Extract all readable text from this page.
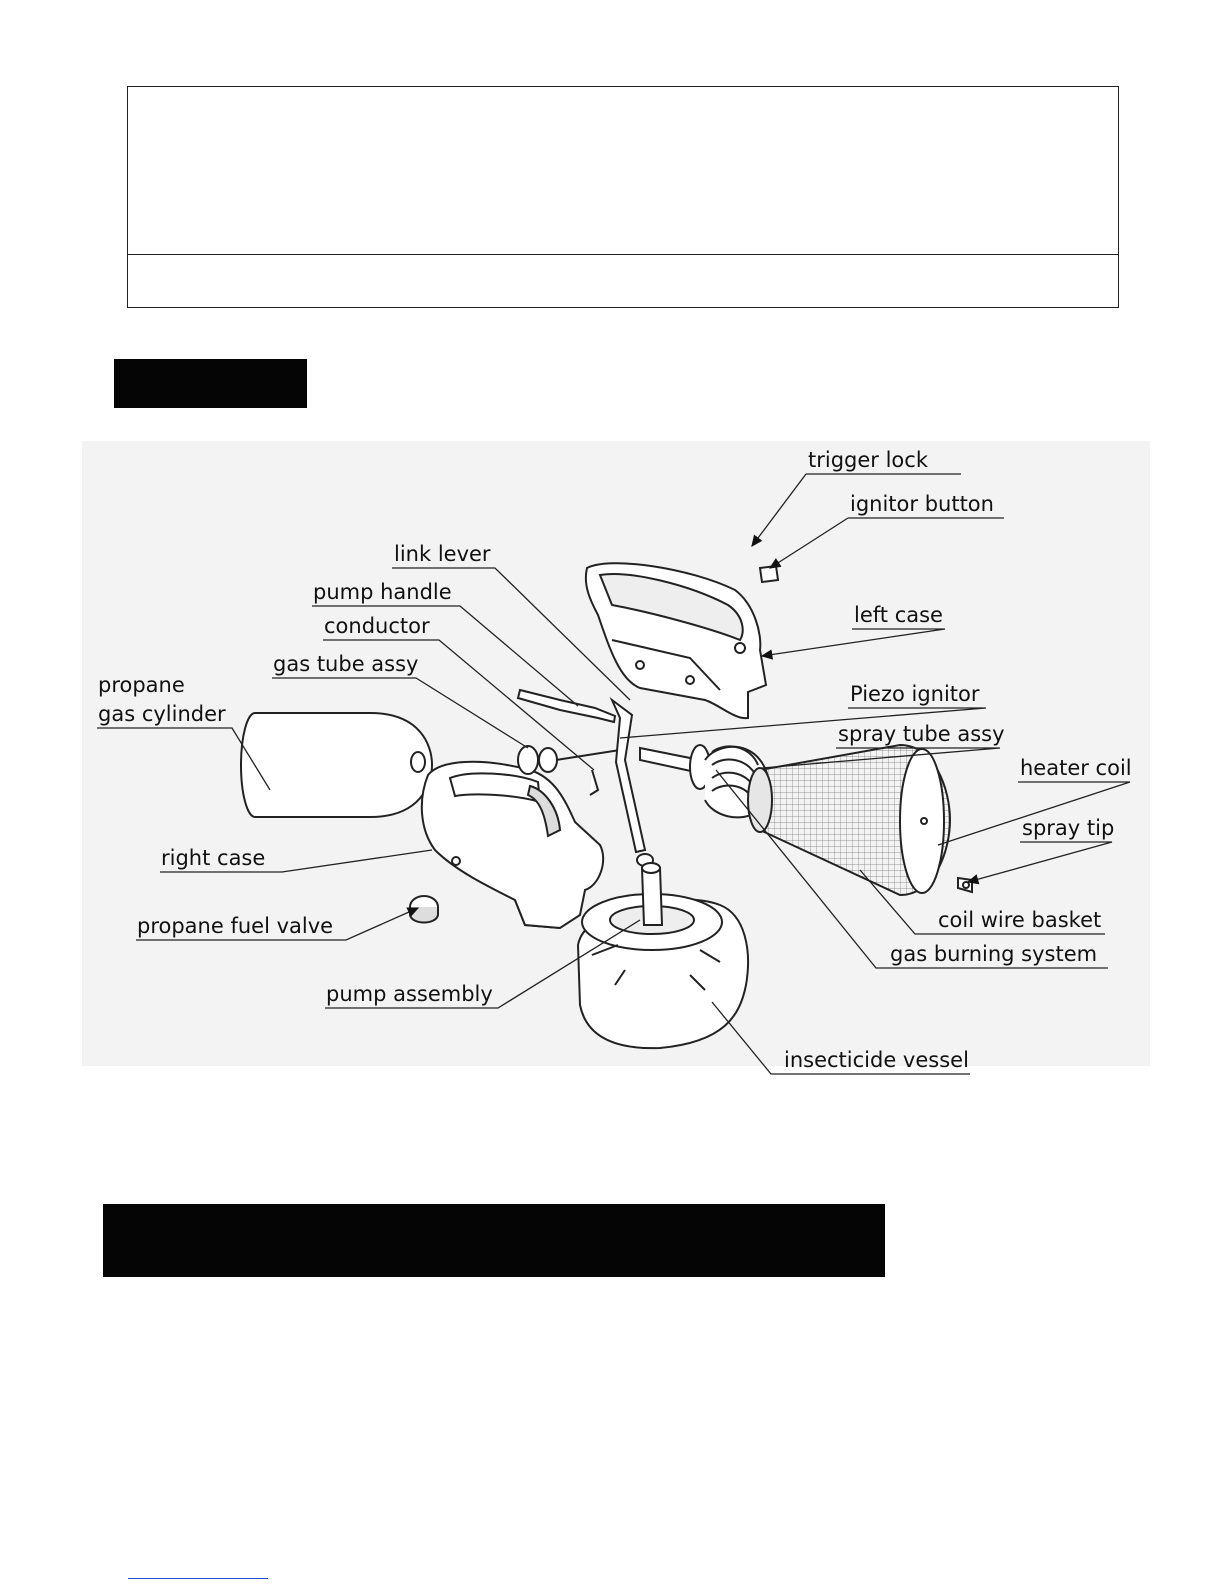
trigger lock
ignitor button
link lever
pump handle
conductor
gas tube assy
left case
propane
gas cylinder
Piezo ignitor
spray tube assy
heater coil
spray tip
right case
coil wire basket
propane fuel valve
gas burning system
pump assembly
insecticide vessel
